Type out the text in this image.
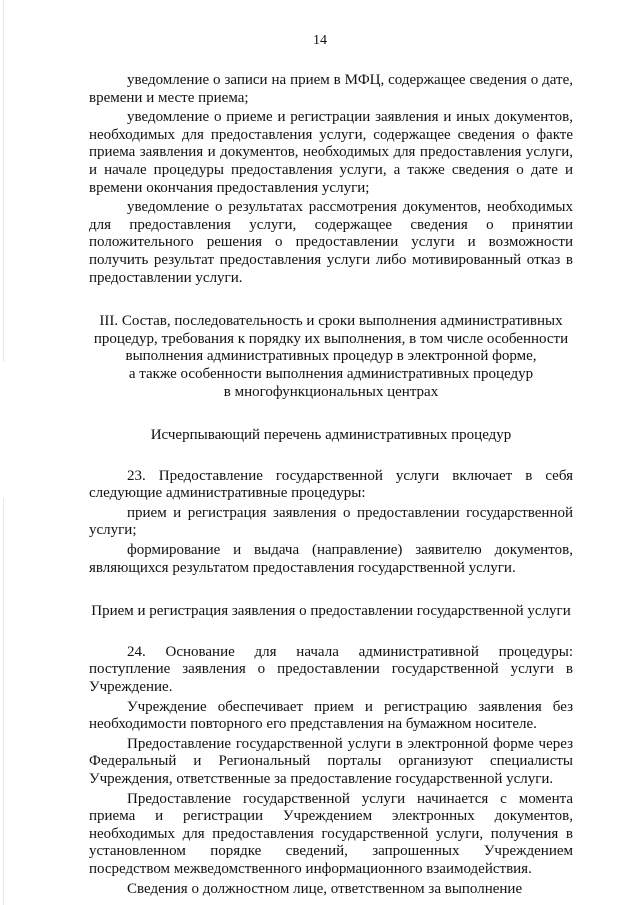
14

уведомление о записи на прием в МФЦ, содержащее сведения о дате, времени и месте приема;

уведомление о приеме и регистрации заявления и иных документов, необходимых для предоставления услуги, содержащее сведения о факте приема заявления и документов, необходимых для предоставления услуги, и начале процедуры предоставления услуги, а также сведения о дате и времени окончания предоставления услуги;

уведомление о результатах рассмотрения документов, необходимых для предоставления услуги, содержащее сведения о принятии положительного решения о предоставлении услуги и возможности получить результат предоставления услуги либо мотивированный отказ в предоставлении услуги.

III. Состав, последовательность и сроки выполнения административных
процедур, требования к порядку их выполнения, в том числе особенности
выполнения административных процедур в электронной форме,
а также особенности выполнения административных процедур
в многофункциональных центрах

Исчерпывающий перечень административных процедур

23. Предоставление государственной услуги включает в себя следующие административные процедуры:

прием и регистрация заявления о предоставлении государственной услуги;

формирование и выдача (направление) заявителю документов, являющихся результатом предоставления государственной услуги.

Прием и регистрация заявления о предоставлении государственной услуги

24. Основание для начала административной процедуры: поступление заявления о предоставлении государственной услуги в Учреждение.

Учреждение обеспечивает прием и регистрацию заявления без необходимости повторного его представления на бумажном носителе.

Предоставление государственной услуги в электронной форме через Федеральный и Региональный порталы организуют специалисты Учреждения, ответственные за предоставление государственной услуги.

Предоставление государственной услуги начинается с момента приема и регистрации Учреждением электронных документов, необходимых для предоставления государственной услуги, получения в установленном порядке сведений, запрошенных Учреждением посредством межведомственного информационного взаимодействия.

Сведения о должностном лице, ответственном за выполнение
